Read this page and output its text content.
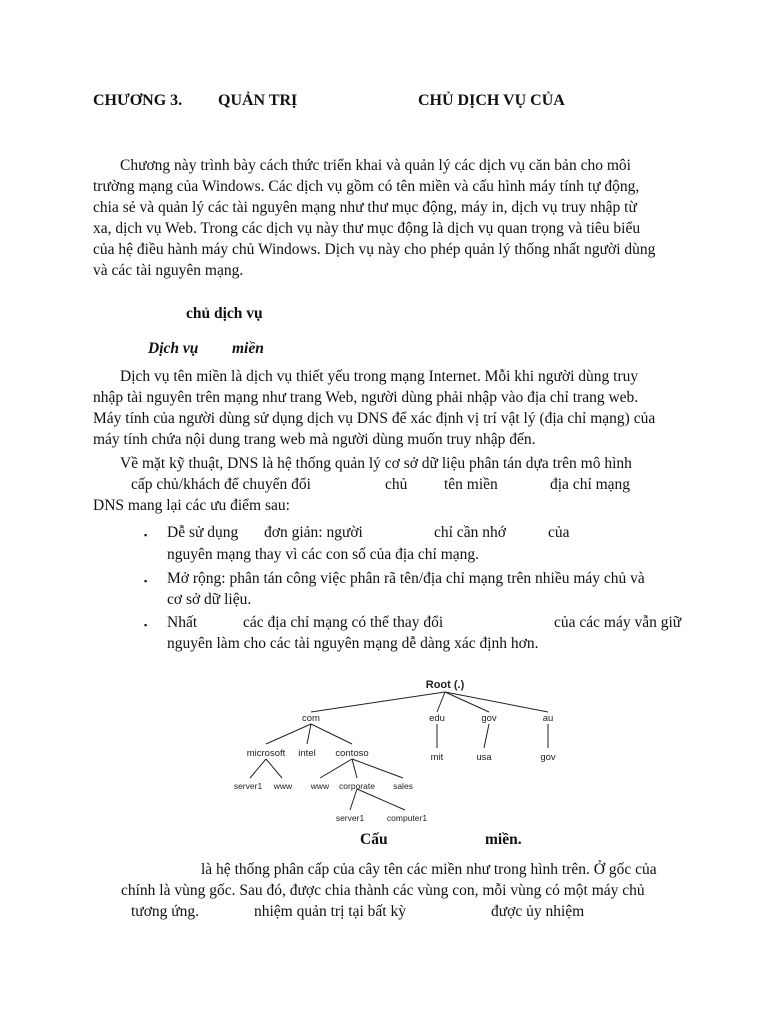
CHƯƠNG 3. QUẢN TRỊ	CHỦ DỊCH VỤ CỦA
Chương này trình bày cách thức triển khai và quản lý các dịch vụ căn bản cho môi
trường mạng của Windows. Các dịch vụ gồm có tên miền và cấu hình máy tính tự động,
chia sẻ và quản lý các tài nguyên mạng như thư mục động, máy in, dịch vụ truy nhập từ
xa, dịch vụ Web. Trong các dịch vụ này thư mục động là dịch vụ quan trọng và tiêu biểu
của hệ điều hành máy chủ Windows. Dịch vụ này cho phép quản lý thống nhất người dùng
và các tài nguyên mạng.
chủ dịch vụ
Dịch vụ miền
Dịch vụ tên miền là dịch vụ thiết yếu trong mạng Internet. Mỗi khi người dùng truy
nhập tài nguyên trên mạng như trang Web, người dùng phải nhập vào địa chỉ trang web.
Máy tính của người dùng sử dụng dịch vụ DNS để xác định vị trí vật lý (địa chỉ mạng) của
máy tính chứa nội dung trang web mà người dùng muốn truy nhập đến.
Về mặt kỹ thuật, DNS là hệ thống quản lý cơ sở dữ liệu phân tán dựa trên mô hình
cấp chủ/khách để chuyển đổi	chủ tên miền	địa chỉ mạng
DNS mang lại các ưu điểm sau:
▪ Dễ sử dụng đơn giản: người	chỉ cần nhớ	của
nguyên mạng thay vì các con số của địa chỉ mạng.
▪ Mở rộng: phân tán công việc phân rã tên/địa chỉ mạng trên nhiều máy chủ và
cơ sở dữ liệu.
▪ Nhất	các địa chỉ mạng có thể thay đổi	của các máy vẫn giữ
nguyên làm cho các tài nguyên mạng dễ dàng xác định hơn.
Root (.)
com	edu	gov	au
microsoft intel contoso	mit	usa	gov
server1 www www corporate sales
server1	computer1
Cấu	miền.
là hệ thống phân cấp của cây tên các miền như trong hình trên. Ở gốc của
chính là vùng gốc. Sau đó, được chia thành các vùng con, mỗi vùng có một máy chủ
tương ứng.	nhiệm quản trị tại bất kỳ	được ủy nhiệm
